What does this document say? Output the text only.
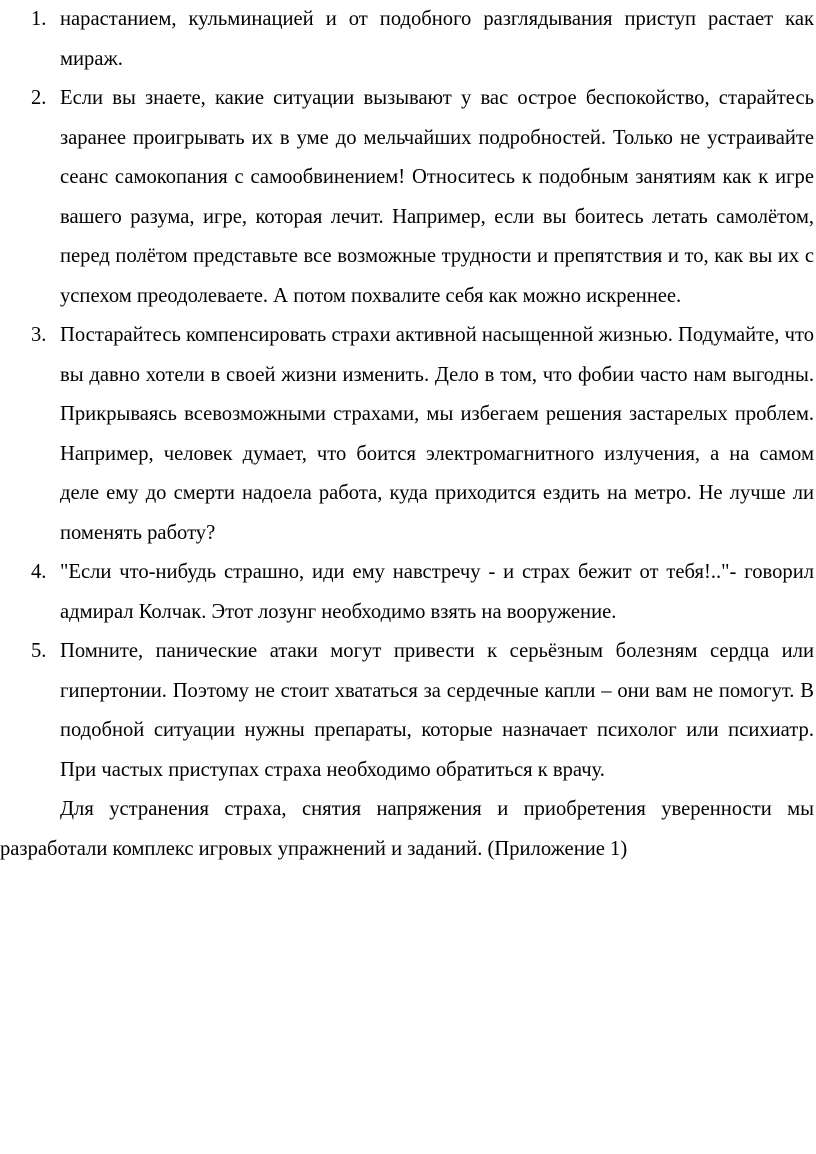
1. нарастанием, кульминацией и от подобного разглядывания приступ растает как мираж.
2. Если вы знаете, какие ситуации вызывают у вас острое беспокойство, старайтесь заранее проигрывать их в уме до мельчайших подробностей. Только не устраивайте сеанс самокопания с самообвинением! Относитесь к подобным занятиям как к игре вашего разума, игре, которая лечит. Например, если вы боитесь летать самолётом, перед полётом представьте все возможные трудности и препятствия и то, как вы их с успехом преодолеваете. А потом похвалите себя как можно искреннее.
3. Постарайтесь компенсировать страхи активной насыщенной жизнью. Подумайте, что вы давно хотели в своей жизни изменить. Дело в том, что фобии часто нам выгодны. Прикрываясь всевозможными страхами, мы избегаем решения застарелых проблем. Например, человек думает, что боится электромагнитного излучения, а на самом деле ему до смерти надоела работа, куда приходится ездить на метро. Не лучше ли поменять работу?
4. "Если что-нибудь страшно, иди ему навстречу - и страх бежит от тебя!.."- говорил адмирал Колчак. Этот лозунг необходимо взять на вооружение.
5. Помните, панические атаки могут привести к серьёзным болезням сердца или гипертонии. Поэтому не стоит хвататься за сердечные капли – они вам не помогут. В подобной ситуации нужны препараты, которые назначает психолог или психиатр. При частых приступах страха необходимо обратиться к врачу.

Для устранения страха, снятия напряжения и приобретения уверенности мы разработали комплекс игровых упражнений и заданий. (Приложение 1)
